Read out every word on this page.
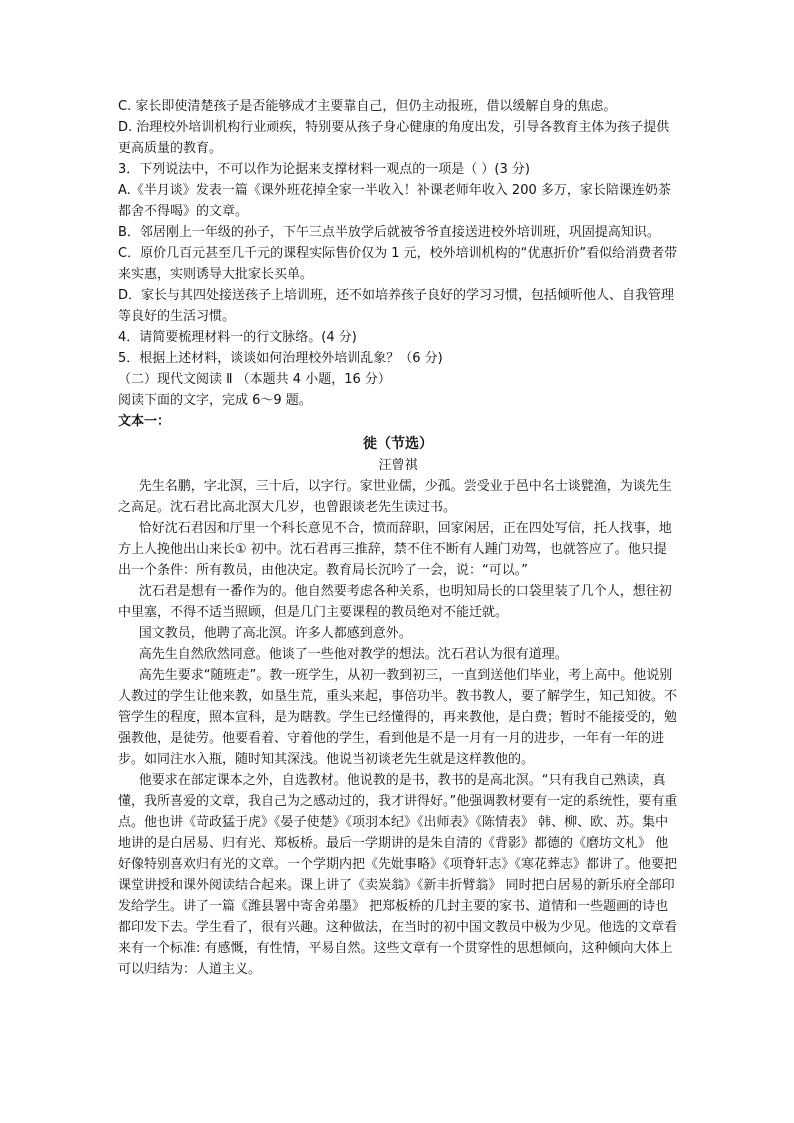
C. 家长即使清楚孩子是否能够成才主要靠自己，但仍主动报班，借以缓解自身的焦虑。

D. 治理校外培训机构行业顽疾，特别要从孩子身心健康的角度出发，引导各教育主体为孩子提供更高质量的教育。

3．下列说法中，不可以作为论据来支撑材料一观点的一项是（ ）(3 分)

A.《半月谈》发表一篇《课外班花掉全家一半收入！补课老师年收入 200 多万，家长陪课连奶茶都舍不得喝》的文章。

B．邻居刚上一年级的孙子，下午三点半放学后就被爷爷直接送进校外培训班，巩固提高知识。

C．原价几百元甚至几千元的课程实际售价仅为 1 元，校外培训机构的“优惠折价”看似给消费者带来实惠，实则诱导大批家长买单。

D．家长与其四处接送孩子上培训班，还不如培养孩子良好的学习习惯，包括倾听他人、自我管理等良好的生活习惯。

4．请简要梳理材料一的行文脉络。(4 分)

5．根据上述材料，谈谈如何治理校外培训乱象？（6 分)

（二）现代文阅读 Ⅱ （本题共 4 小题，16 分）

阅读下面的文字，完成 6～9 题。

文本一：

徙（节选）

汪曾祺

先生名鹏，字北溟，三十后，以字行。家世业儒，少孤。尝受业于邑中名士谈甓渔，为谈先生之高足。沈石君比高北溟大几岁，也曾跟谈老先生读过书。

恰好沈石君因和厅里一个科长意见不合，愤而辞职，回家闲居，正在四处写信，托人找事，地方上人挽他出山来长① 初中。沈石君再三推辞，禁不住不断有人踵门劝驾，也就答应了。他只提出一个条件：所有教员，由他决定。教育局长沉吟了一会，说：“可以。”

沈石君是想有一番作为的。他自然要考虑各种关系，也明知局长的口袋里装了几个人，想往初中里塞，不得不适当照顾，但是几门主要课程的教员绝对不能迁就。

国文教员，他聘了高北溟。许多人都感到意外。

高先生自然欣然同意。他谈了一些他对教学的想法。沈石君认为很有道理。

高先生要求“随班走”。教一班学生，从初一教到初三，一直到送他们毕业，考上高中。他说别人教过的学生让他来教，如垦生荒，重头来起，事倍功半。教书教人，要了解学生，知己知彼。不管学生的程度，照本宣科，是为瞎教。学生已经懂得的，再来教他，是白费；暂时不能接受的，勉强教他，是徒劳。他要看着、守着他的学生，看到他是不是一月有一月的进步，一年有一年的进步。如同注水入瓶，随时知其深浅。他说当初谈老先生就是这样教他的。

他要求在部定课本之外，自选教材。他说教的是书，教书的是高北溟。“只有我自己熟读，真懂，我所喜爱的文章，我自己为之感动过的，我才讲得好。”他强调教材要有一定的系统性，要有重点。他也讲《苛政猛于虎》《晏子使楚》《项羽本纪》《出师表》《陈情表》 韩、柳、欧、苏。集中地讲的是白居易、归有光、郑板桥。最后一学期讲的是朱自清的《背影》都德的《磨坊文札》 他好像特别喜欢归有光的文章。一个学期内把《先妣事略》《项脊轩志》《寒花葬志》都讲了。他要把课堂讲授和课外阅读结合起来。课上讲了《卖炭翁》《新丰折臂翁》 同时把白居易的新乐府全部印发给学生。讲了一篇《潍县署中寄舍弟墨》 把郑板桥的几封主要的家书、道情和一些题画的诗也都印发下去。学生看了，很有兴趣。这种做法，在当时的初中国文教员中极为少见。他选的文章看来有一个标准: 有感慨，有性情，平易自然。这些文章有一个贯穿性的思想倾向，这种倾向大体上可以归结为：人道主义。
